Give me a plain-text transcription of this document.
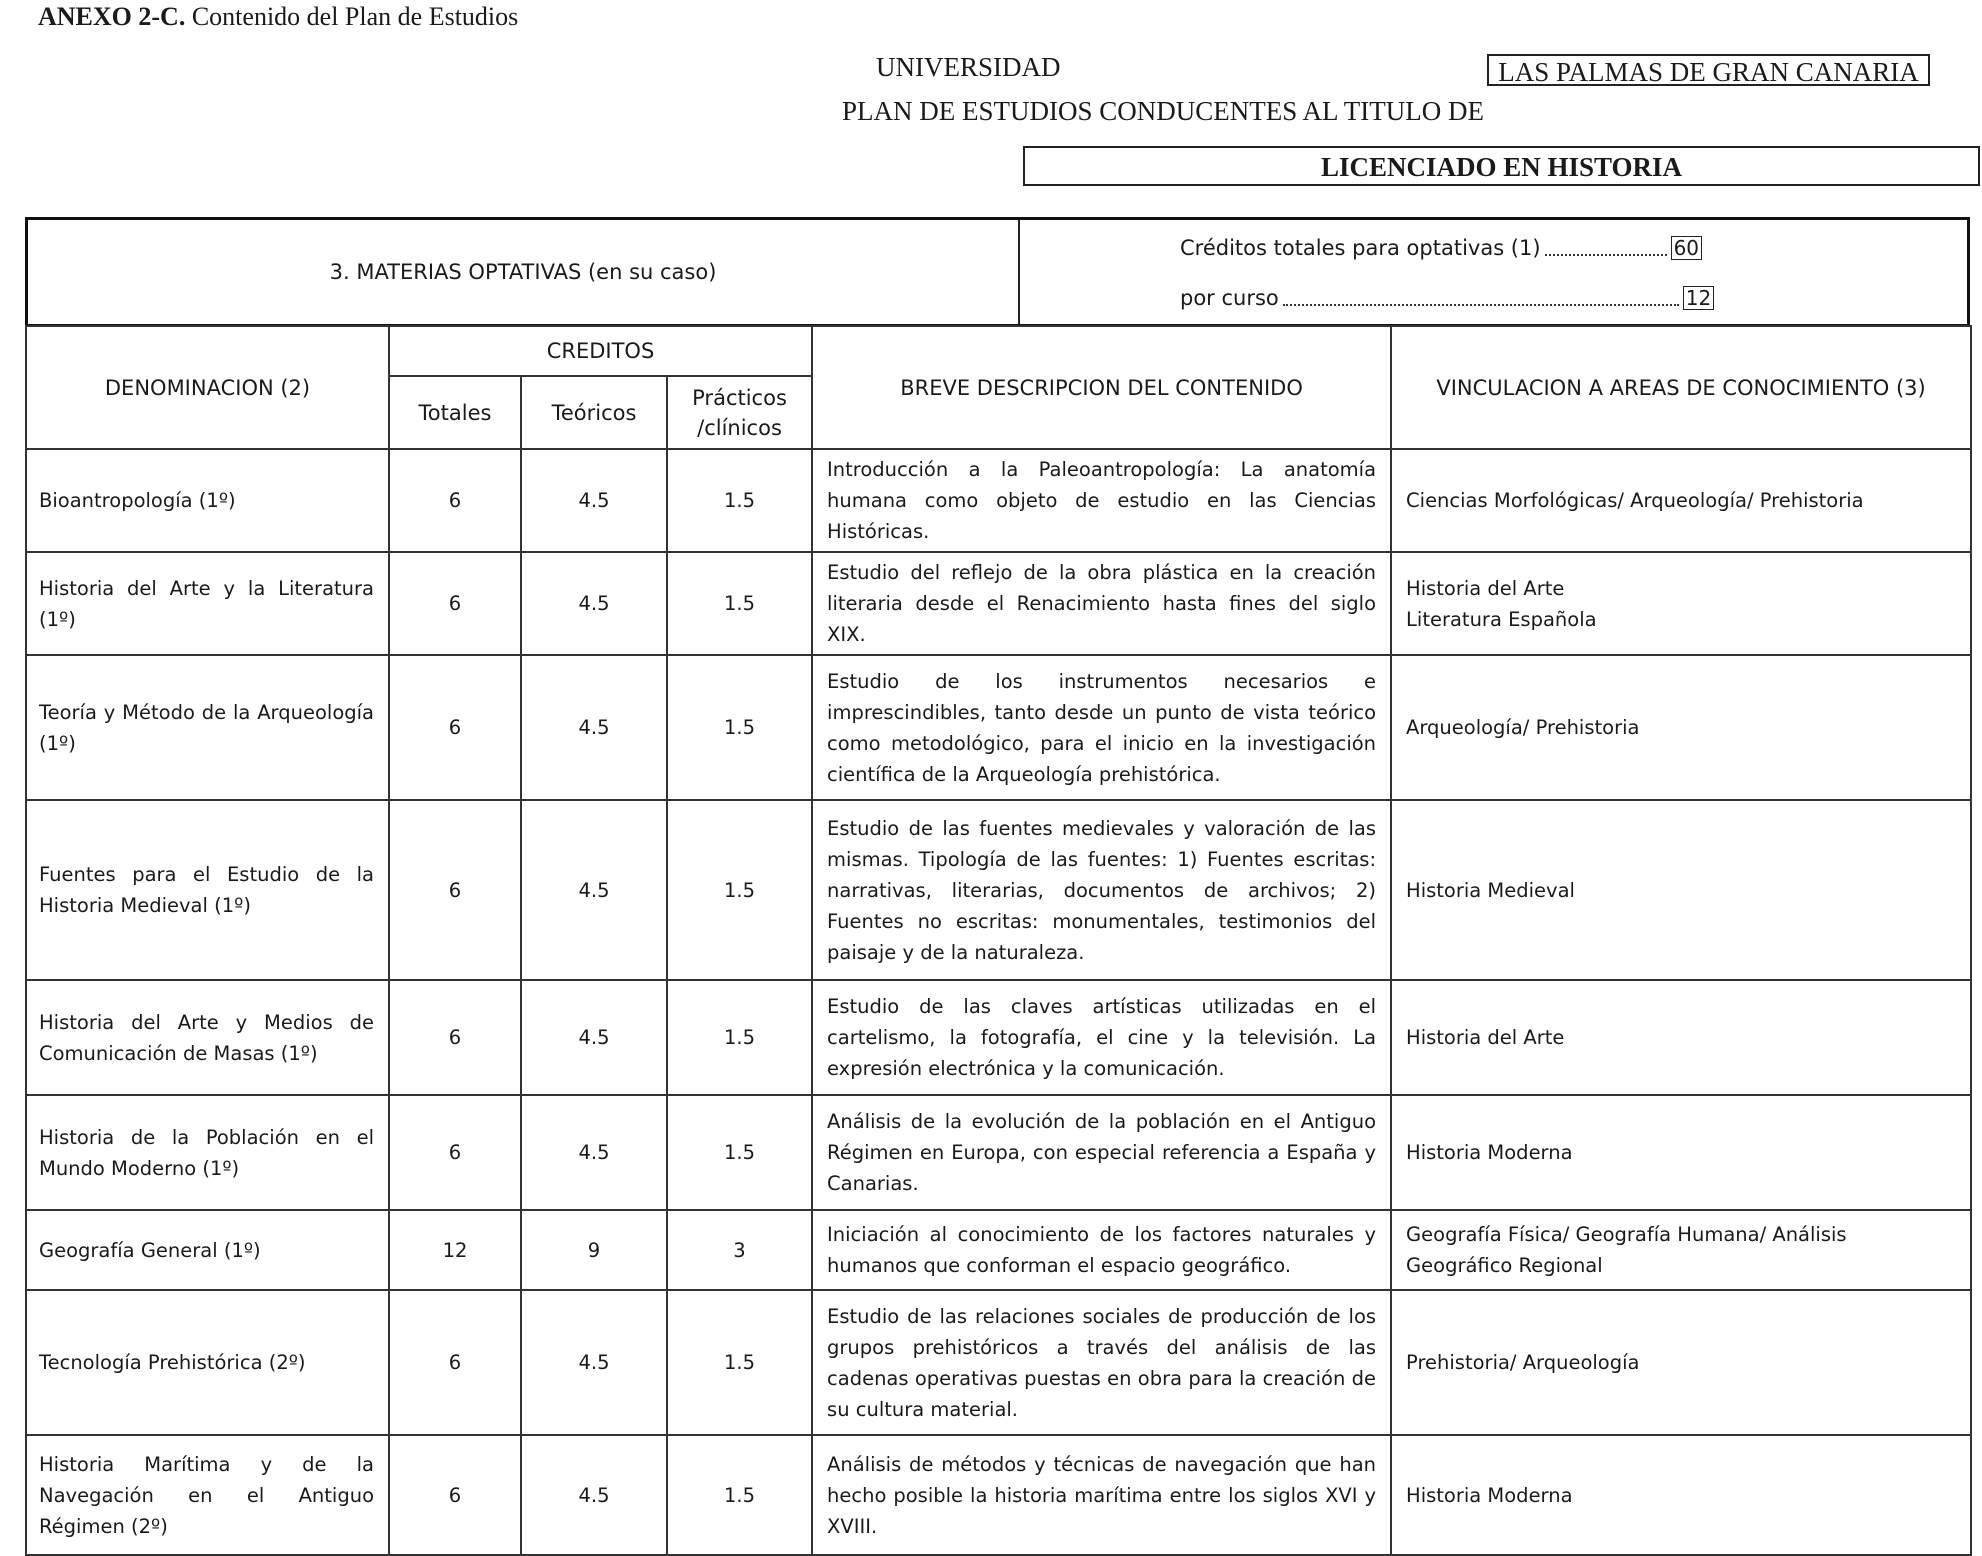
ANEXO 2-C. Contenido del Plan de Estudios
UNIVERSIDAD	LAS PALMAS DE GRAN CANARIA
PLAN DE ESTUDIOS CONDUCENTES AL TITULO DE
LICENCIADO EN HISTORIA
3. MATERIAS OPTATIVAS (en su caso)
Créditos totales para optativas (1)	60
por curso	12
DENOMINACION (2)	CREDITOS			BREVE DESCRIPCION DEL CONTENIDO	VINCULACION A AREAS DE CONOCIMIENTO (3)
	Totales	Teóricos	Prácticos /clínicos		
Bioantropología (1º)	6	4.5	1.5	Introducción a la Paleoantropología: La anatomía humana como objeto de estudio en las Ciencias Históricas.	Ciencias Morfológicas/ Arqueología/ Prehistoria

Historia del Arte y la Literatura (1º)	6	4.5	1.5	Estudio del reflejo de la obra plástica en la creación literaria desde el Renacimiento hasta fines del siglo XIX.	Historia del Arte
Literatura Española

Teoría y Método de la Arqueología (1º)	6	4.5	1.5	Estudio de los instrumentos necesarios e imprescindibles, tanto desde un punto de vista teórico como metodológico, para el inicio en la investigación científica de la Arqueología prehistórica.	Arqueología/ Prehistoria

Fuentes para el Estudio de la Historia Medieval (1º)	6	4.5	1.5	Estudio de las fuentes medievales y valoración de las mismas. Tipología de las fuentes: 1) Fuentes escritas: narrativas, literarias, documentos de archivos; 2) Fuentes no escritas: monumentales, testimonios del paisaje y de la naturaleza.	Historia Medieval

Historia del Arte y Medios de Comunicación de Masas (1º)	6	4.5	1.5	Estudio de las claves artísticas utilizadas en el cartelismo, la fotografía, el cine y la televisión. La expresión electrónica y la comunicación.	Historia del Arte

Historia de la Población en el Mundo Moderno (1º)	6	4.5	1.5	Análisis de la evolución de la población en el Antiguo Régimen en Europa, con especial referencia a España y Canarias.	Historia Moderna

Geografía General (1º)	12	9	3	Iniciación al conocimiento de los factores naturales y humanos que conforman el espacio geográfico.	Geografía Física/ Geografía Humana/ Análisis Geográfico Regional

Tecnología Prehistórica (2º)	6	4.5	1.5	Estudio de las relaciones sociales de producción de los grupos prehistóricos a través del análisis de las cadenas operativas puestas en obra para la creación de su cultura material.	Prehistoria/ Arqueología

Historia Marítima y de la Navegación en el Antiguo Régimen (2º)	6	4.5	1.5	Análisis de métodos y técnicas de navegación que han hecho posible la historia marítima entre los siglos XVI y XVIII.	Historia Moderna
